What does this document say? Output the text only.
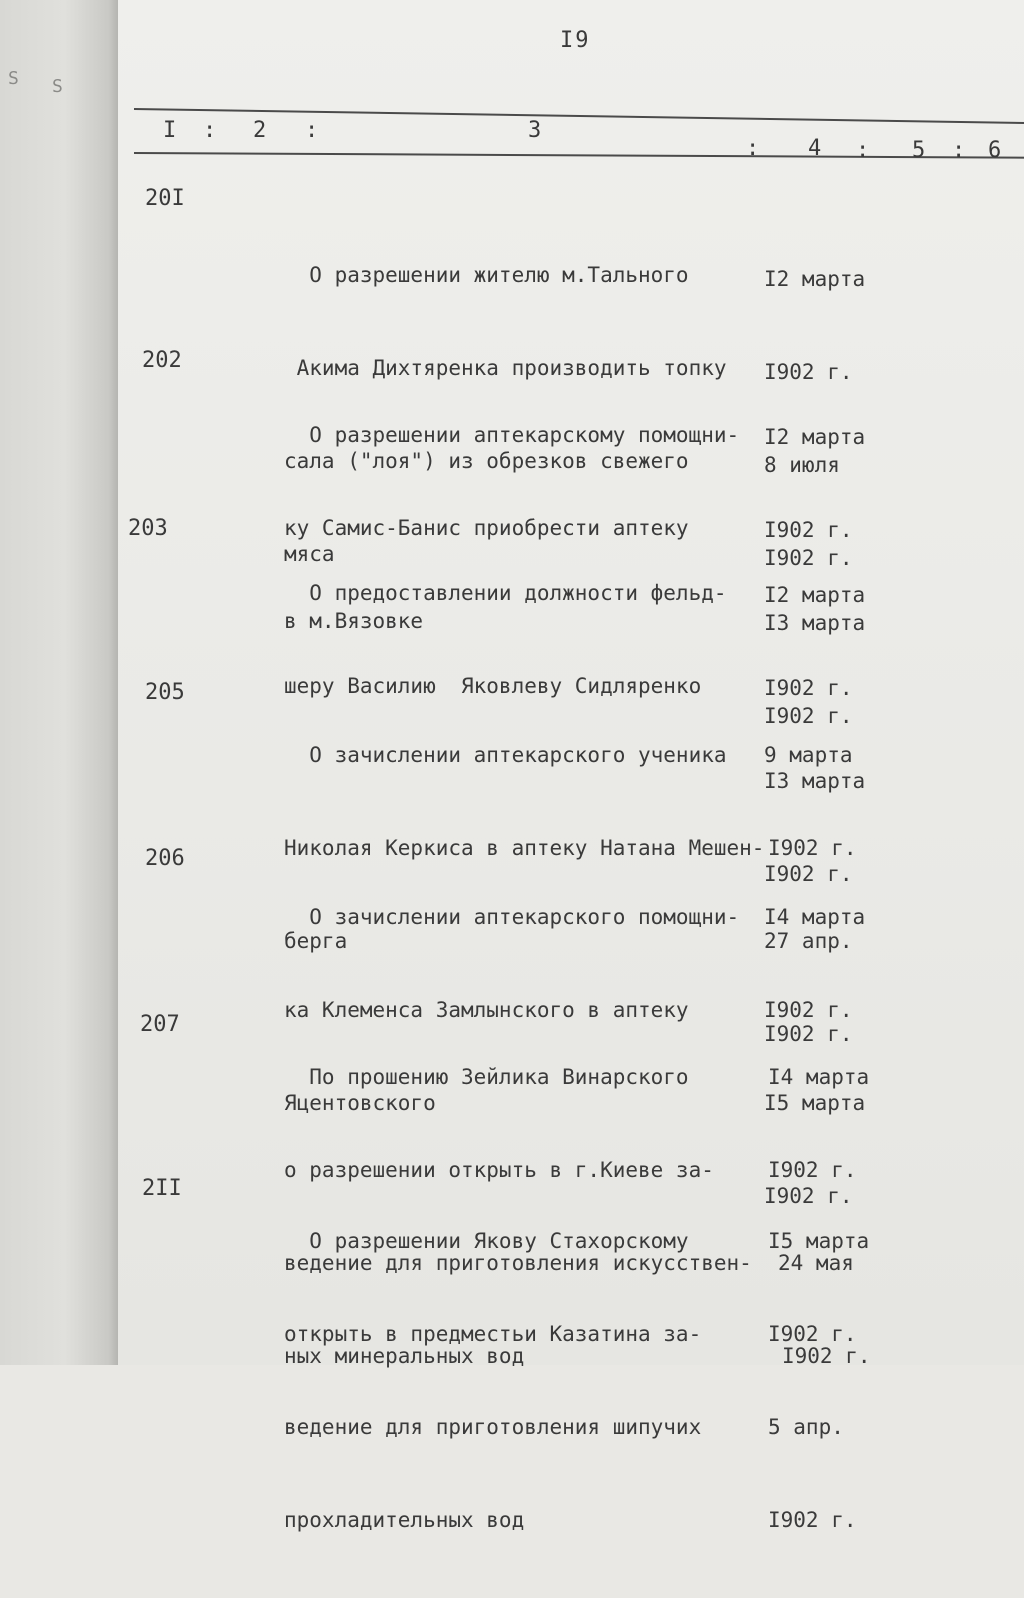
S S
I9
I : 2 :	3
: 4 : 5 : 6
20I

О разрешении жителю м.Тального

Акима Дихтяренка производить топку

сала ("лоя") из обрезков свежего

мяса

I2 марта

I902 г.

8 июля

I902 г.

202

О разрешении аптекарскому помощни-

ку Самис-Банис приобрести аптеку

в м.Вязовке

I2 марта

I902 г.

I3 марта

I902 г.

203

О предоставлении должности фельд-

шеру Василию  Яковлеву Сидляренко

I2 марта

I902 г.

I3 марта

I902 г.

205

О зачислении аптекарского ученика

Николая Керкиса в аптеку Натана Мешен-

берга

9 марта

I902 г.

27 апр.

I902 г.

206

О зачислении аптекарского помощни-

ка Клеменса Замлынского в аптеку

Яцентовского

I4 марта

I902 г.

I5 марта

I902 г.

207

По прошению Зейлика Винарского

о разрешении открыть в г.Киеве за-

ведение для приготовления искусствен-

ных минеральных вод

I4 марта

I902 г.

24 мая

I902 г.

2II

О разрешении Якову Стахорскому

открыть в предместьи Казатина за-

ведение для приготовления шипучих

прохладительных вод

I5 марта

I902 г.

5 апр.

I902 г.
